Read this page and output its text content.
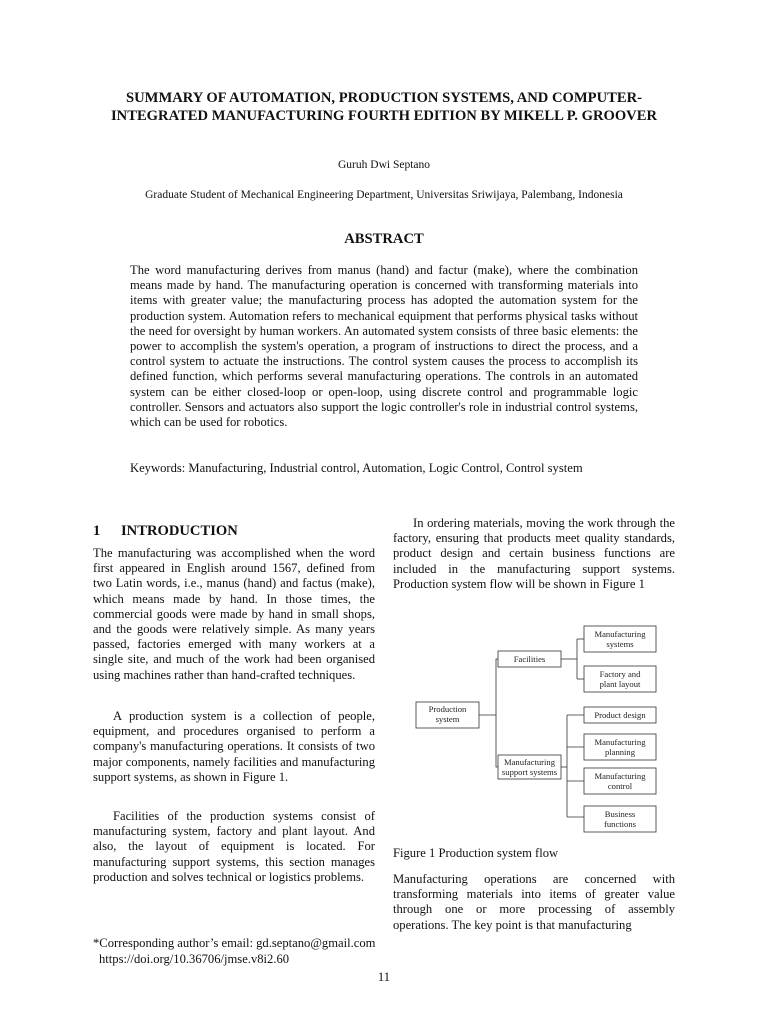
SUMMARY OF AUTOMATION, PRODUCTION SYSTEMS, AND COMPUTER-INTEGRATED MANUFACTURING FOURTH EDITION BY MIKELL P. GROOVER
Guruh Dwi Septano
Graduate Student of Mechanical Engineering Department, Universitas Sriwijaya, Palembang, Indonesia
ABSTRACT

The word manufacturing derives from manus (hand) and factur (make), where the combination means made by hand. The manufacturing operation is concerned with transforming materials into items with greater value; the manufacturing process has adopted the automation system for the production system. Automation refers to mechanical equipment that performs physical tasks without the need for oversight by human workers. An automated system consists of three basic elements: the power to accomplish the system's operation, a program of instructions to direct the process, and a control system to actuate the instructions. The control system causes the process to accomplish its defined function, which performs several manufacturing operations. The controls in an automated system can be either closed-loop or open-loop, using discrete control and programmable logic controller. Sensors and actuators also support the logic controller's role in industrial control systems, which can be used for robotics.

Keywords: Manufacturing, Industrial control, Automation, Logic Control, Control system

1 INTRODUCTION

The manufacturing was accomplished when the word first appeared in English around 1567, defined from two Latin words, i.e., manus (hand) and factus (make), which means made by hand. In those times, the commercial goods were made by hand in small shops, and the goods were relatively simple. As many years passed, factories emerged with many workers at a single site, and much of the work had been organised using machines rather than hand-crafted techniques.

A production system is a collection of people, equipment, and procedures organised to perform a company's manufacturing operations. It consists of two major components, namely facilities and manufacturing support systems, as shown in Figure 1.

Facilities of the production systems consist of manufacturing system, factory and plant layout. And also, the layout of equipment is located. For manufacturing support systems, this section manages production and solves technical or logistics problems.

In ordering materials, moving the work through the factory, ensuring that products meet quality standards, product design and certain business functions are included in the manufacturing support systems. Production system flow will be shown in Figure 1

Production
system
Facilities
Manufacturing
support systems
Manufacturing
systems
Factory and
plant layout
Product design
Manufacturing
planning
Manufacturing
control
Business
functions
Figure 1 Production system flow

Manufacturing operations are concerned with transforming materials into items of greater value through one or more processing of assembly operations. The key point is that manufacturing

*Corresponding author’s email: gd.septano@gmail.com
https://doi.org/10.36706/jmse.v8i2.60
11
